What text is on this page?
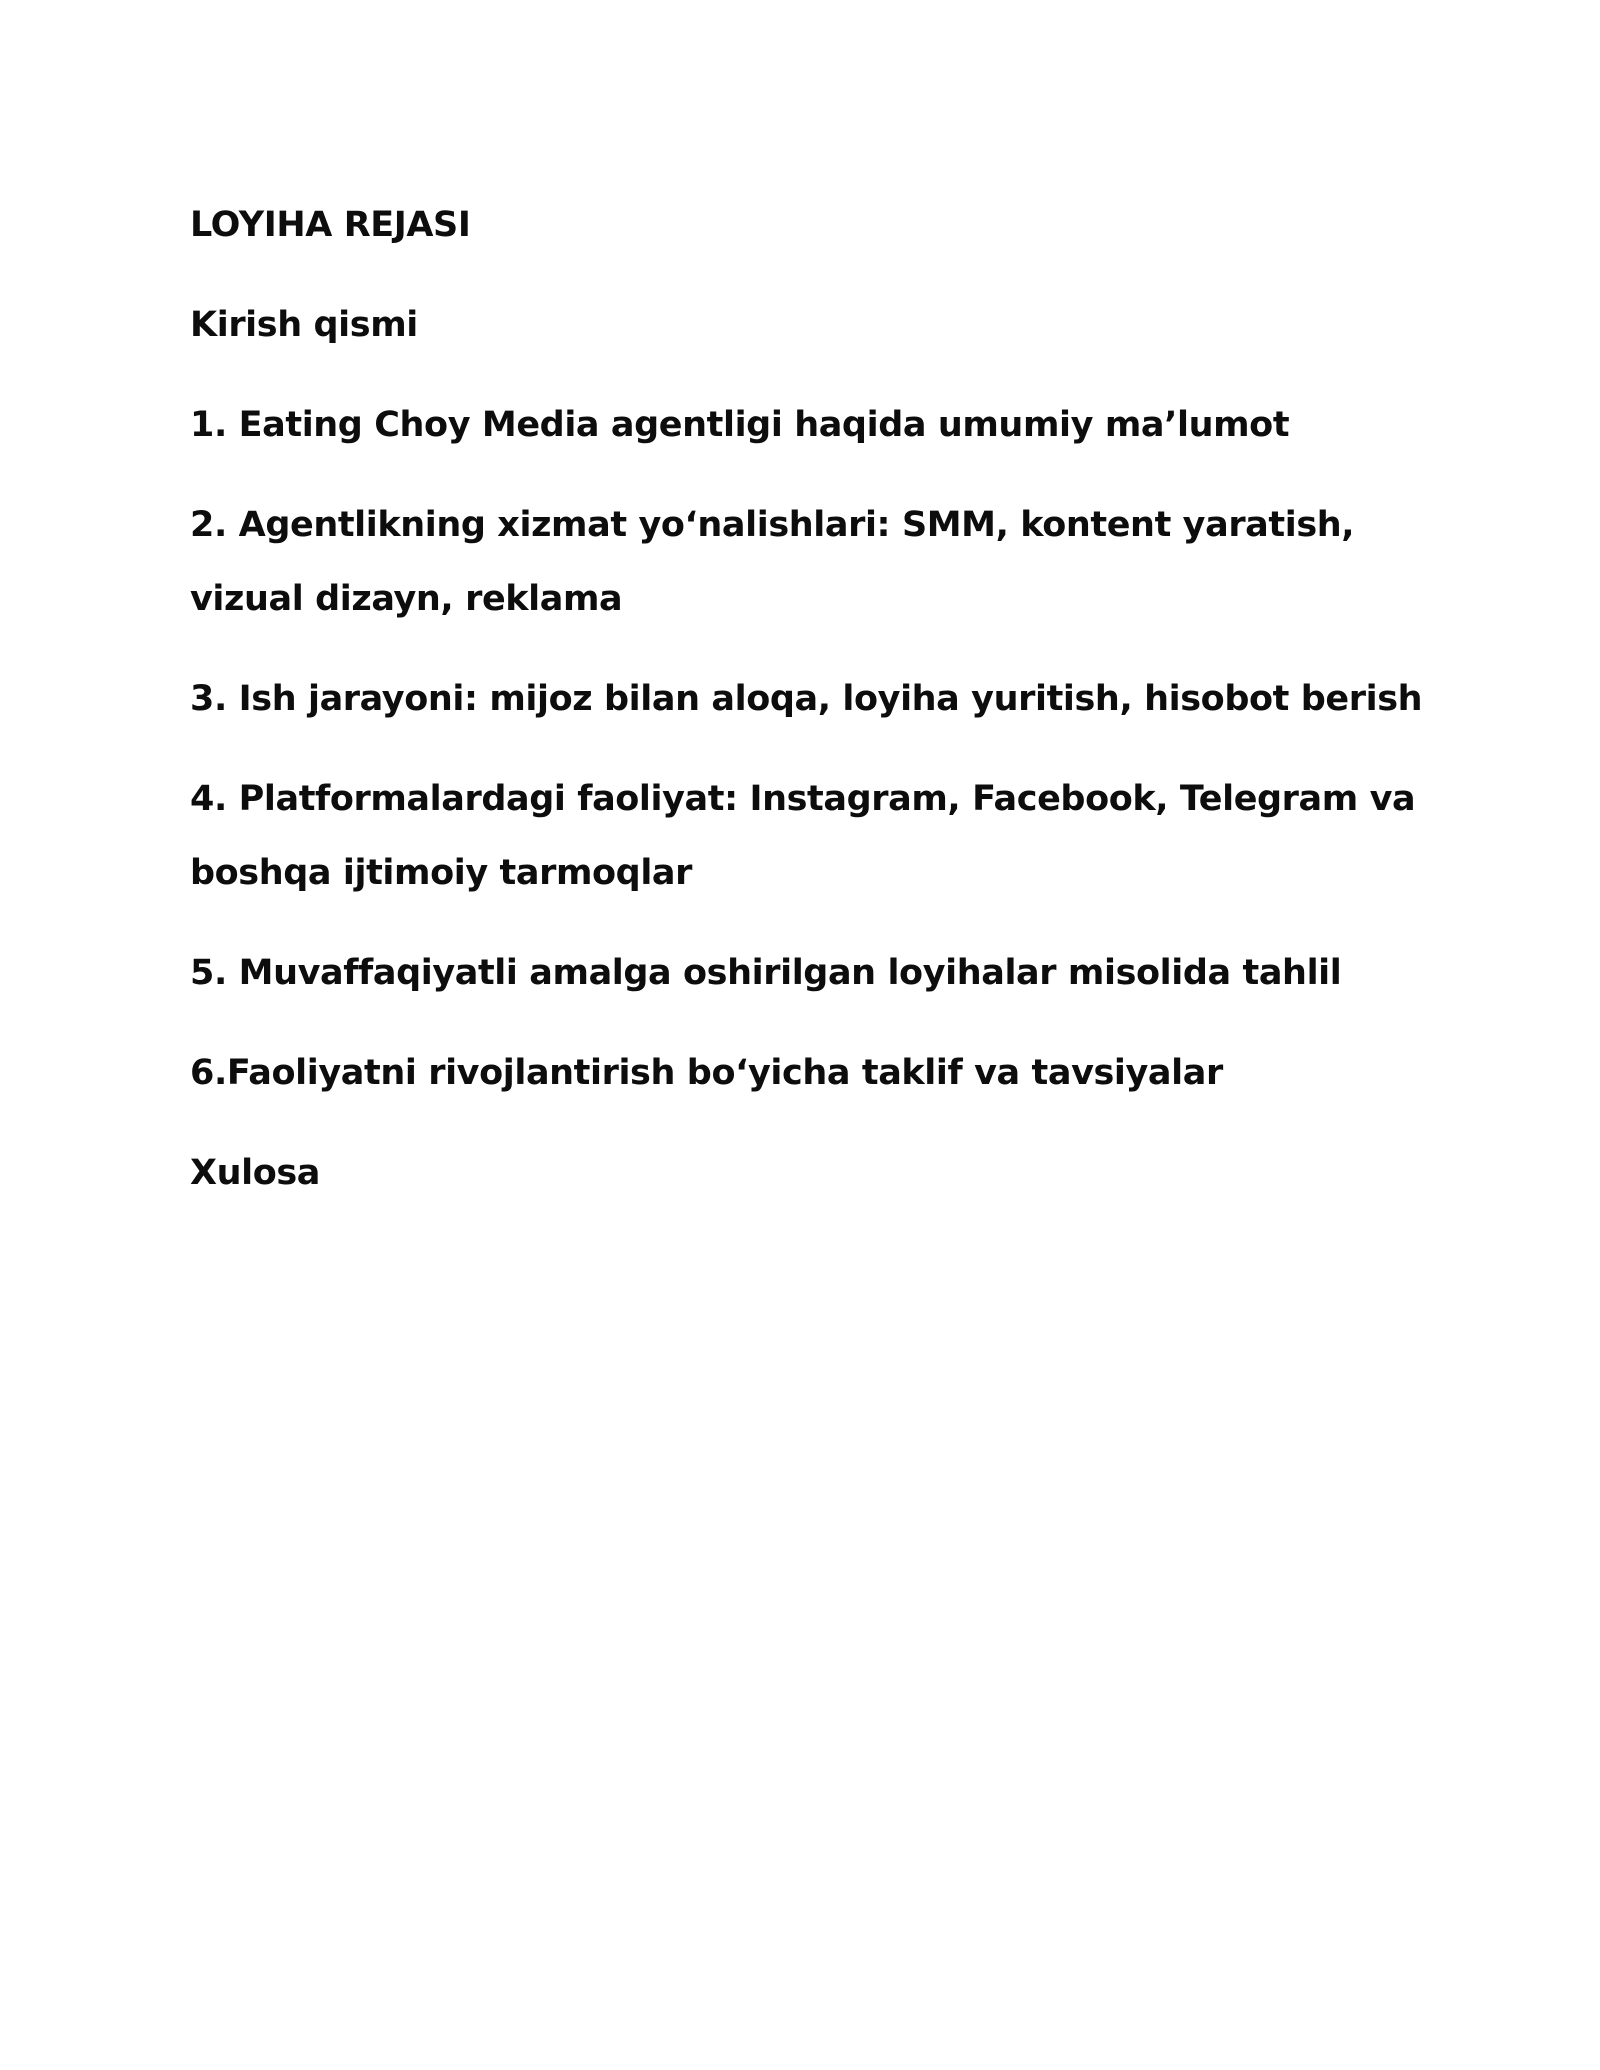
LOYIHA REJASI

Kirish qismi

1. Eating Choy Media agentligi haqida umumiy ma’lumot

2. Agentlikning xizmat yo‘nalishlari: SMM, kontent yaratish, vizual dizayn, reklama

3. Ish jarayoni: mijoz bilan aloqa, loyiha yuritish, hisobot berish

4. Platformalardagi faoliyat: Instagram, Facebook, Telegram va boshqa ijtimoiy tarmoqlar

5. Muvaffaqiyatli amalga oshirilgan loyihalar misolida tahlil

6.Faoliyatni rivojlantirish bo‘yicha taklif va tavsiyalar

Xulosa
